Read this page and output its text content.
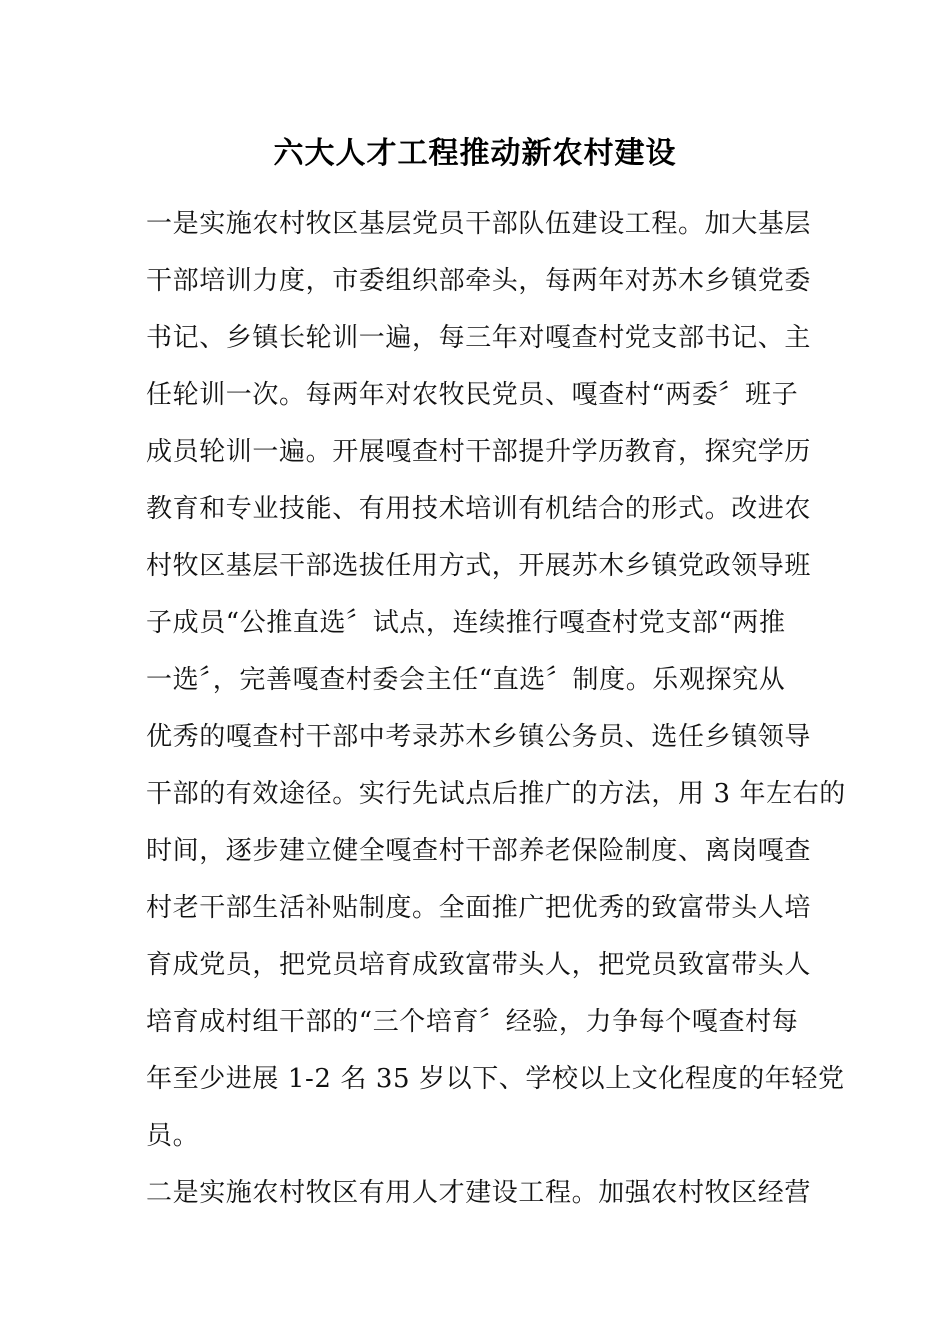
六大人才工程推动新农村建设
一是实施农村牧区基层党员干部队伍建设工程。加大基层
干部培训力度，市委组织部牵头，每两年对苏木乡镇党委
书记、乡镇长轮训一遍，每三年对嘎查村党支部书记、主
任轮训一次。每两年对农牧民党员、嘎查村“两委〞班子
成员轮训一遍。开展嘎查村干部提升学历教育，探究学历
教育和专业技能、有用技术培训有机结合的形式。改进农
村牧区基层干部选拔任用方式，开展苏木乡镇党政领导班
子成员“公推直选〞试点，连续推行嘎查村党支部“两推
一选〞，完善嘎查村委会主任“直选〞制度。乐观探究从
优秀的嘎查村干部中考录苏木乡镇公务员、选任乡镇领导
干部的有效途径。实行先试点后推广的方法，用 3 年左右的
时间，逐步建立健全嘎查村干部养老保险制度、离岗嘎查
村老干部生活补贴制度。全面推广把优秀的致富带头人培
育成党员，把党员培育成致富带头人，把党员致富带头人
培育成村组干部的“三个培育〞经验，力争每个嘎查村每
年至少进展 1-2 名 35 岁以下、学校以上文化程度的年轻党
员。
二是实施农村牧区有用人才建设工程。加强农村牧区经营
